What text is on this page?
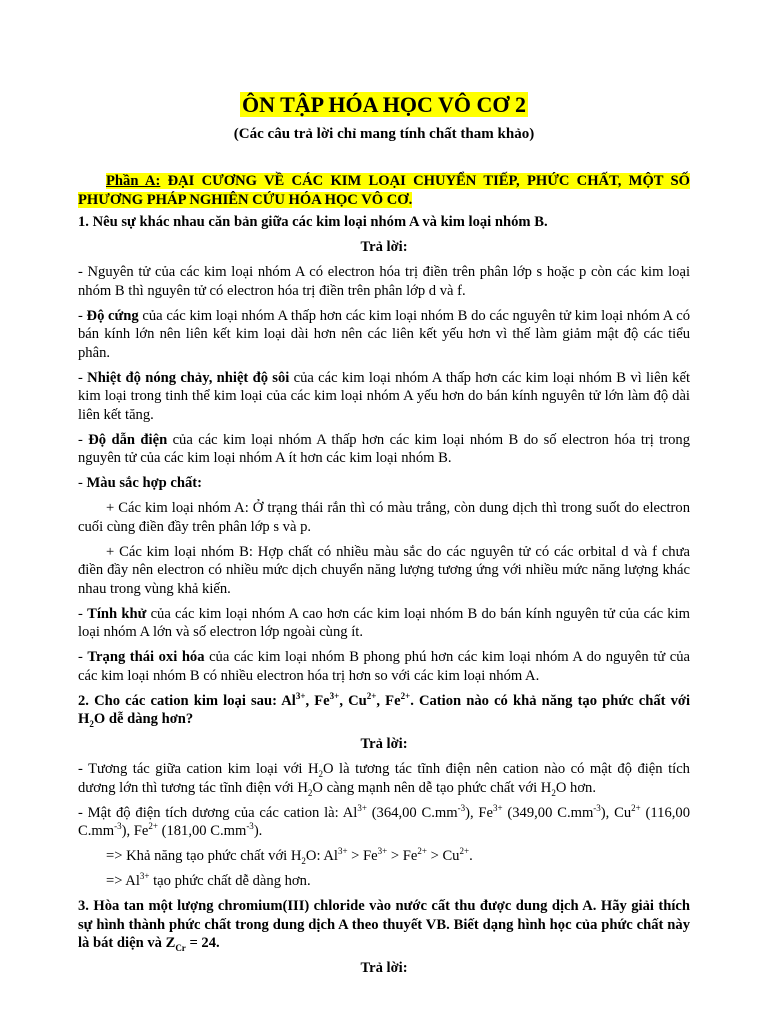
ÔN TẬP HÓA HỌC VÔ CƠ 2
(Các câu trả lời chỉ mang tính chất tham khảo)

Phần A: ĐẠI CƯƠNG VỀ CÁC KIM LOẠI CHUYỂN TIẾP, PHỨC CHẤT, MỘT SỐ PHƯƠNG PHÁP NGHIÊN CỨU HÓA HỌC VÔ CƠ.

1. Nêu sự khác nhau căn bản giữa các kim loại nhóm A và kim loại nhóm B.

Trả lời:

- Nguyên tử của các kim loại nhóm A có electron hóa trị điền trên phân lớp s hoặc p còn các kim loại nhóm B thì nguyên tử có electron hóa trị điền trên phân lớp d và f.

- Độ cứng của các kim loại nhóm A thấp hơn các kim loại nhóm B do các nguyên tử kim loại nhóm A có bán kính lớn nên liên kết kim loại dài hơn nên các liên kết yếu hơn vì thế làm giảm mật độ các tiểu phân.

- Nhiệt độ nóng chảy, nhiệt độ sôi của các kim loại nhóm A thấp hơn các kim loại nhóm B vì liên kết kim loại trong tinh thể kim loại của các kim loại nhóm A yếu hơn do bán kính nguyên tử lớn làm độ dài liên kết tăng.

- Độ dẫn điện của các kim loại nhóm A thấp hơn các kim loại nhóm B do số electron hóa trị trong nguyên tử của các kim loại nhóm A ít hơn các kim loại nhóm B.

- Màu sắc hợp chất:

+ Các kim loại nhóm A: Ở trạng thái rắn thì có màu trắng, còn dung dịch thì trong suốt do electron cuối cùng điền đầy trên phân lớp s và p.

+ Các kim loại nhóm B: Hợp chất có nhiều màu sắc do các nguyên tử có các orbital d và f chưa điền đầy nên electron có nhiều mức dịch chuyển năng lượng tương ứng với nhiều mức năng lượng khác nhau trong vùng khả kiến.

- Tính khử của các kim loại nhóm A cao hơn các kim loại nhóm B do bán kính nguyên tử của các kim loại nhóm A lớn và số electron lớp ngoài cùng ít.

- Trạng thái oxi hóa của các kim loại nhóm B phong phú hơn các kim loại nhóm A do nguyên tử của các kim loại nhóm B có nhiều electron hóa trị hơn so với các kim loại nhóm A.

2. Cho các cation kim loại sau: $Al^{3+}$, $Fe^{3+}$, $Cu^{2+}$, $Fe^{2+}$. Cation nào có khả năng tạo phức chất với $H_2O$ dễ dàng hơn?

Trả lời:

- Tương tác giữa cation kim loại với $H_2O$ là tương tác tĩnh điện nên cation nào có mật độ điện tích dương lớn thì tương tác tĩnh điện với $H_2O$ càng mạnh nên dễ tạo phức chất với $H_2O$ hơn.

- Mật độ điện tích dương của các cation là: $Al^{3+}$ (364,00 $C.mm^{-3}$), $Fe^{3+}$ (349,00 $C.mm^{-3}$), $Cu^{2+}$ (116,00 $C.mm^{-3}$), $Fe^{2+}$ (181,00 $C.mm^{-3}$).

=> Khả năng tạo phức chất với $H_2O$: $Al^{3+} > Fe^{3+} > Fe^{2+} > Cu^{2+}$.

=> $Al^{3+}$ tạo phức chất dễ dàng hơn.

3. Hòa tan một lượng chromium(III) chloride vào nước cất thu được dung dịch A. Hãy giải thích sự hình thành phức chất trong dung dịch A theo thuyết VB. Biết dạng hình học của phức chất này là bát diện và $Z_{Cr} = 24$.

Trả lời:
